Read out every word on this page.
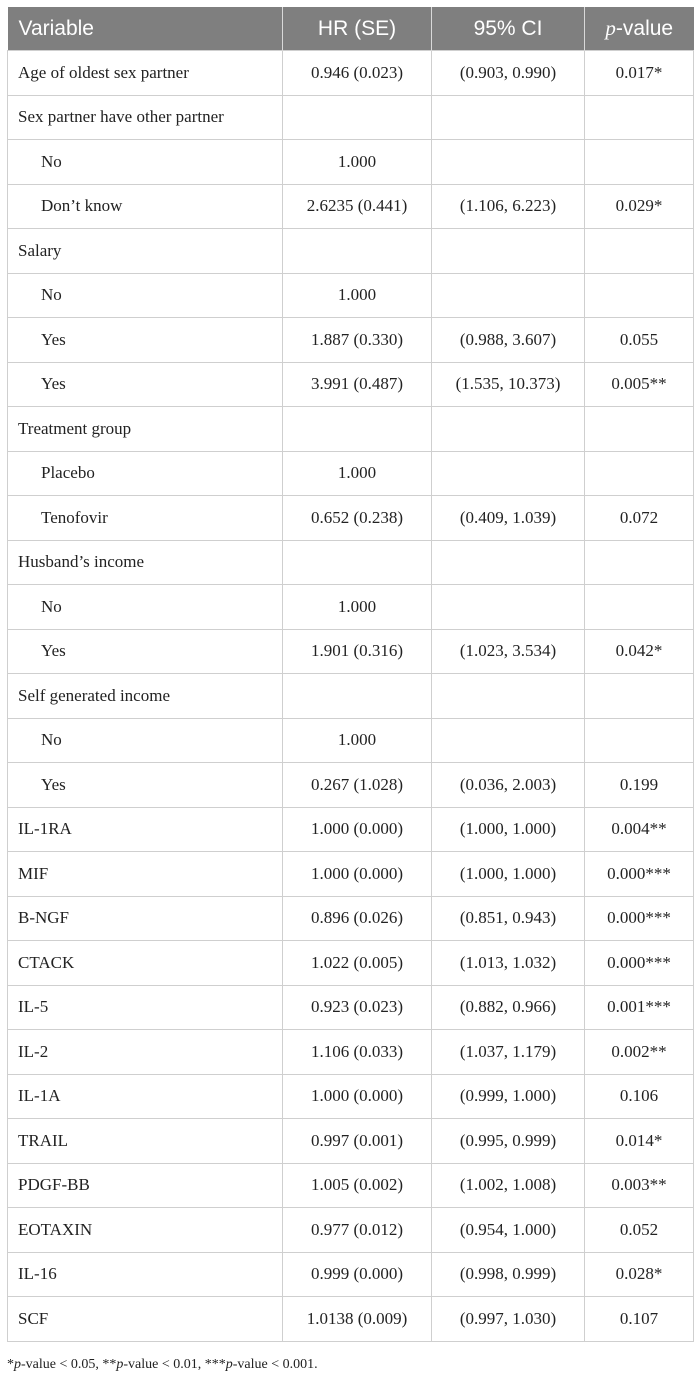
Variable	HR (SE)	95% CI	p-value
Age of oldest sex partner	0.946 (0.023)	(0.903, 0.990)	0.017*
Sex partner have other partner			
No	1.000		
Don’t know	2.6235 (0.441)	(1.106, 6.223)	0.029*
Salary			
No	1.000		
Yes	1.887 (0.330)	(0.988, 3.607)	0.055
Yes	3.991 (0.487)	(1.535, 10.373)	0.005**
Treatment group			
Placebo	1.000		
Tenofovir	0.652 (0.238)	(0.409, 1.039)	0.072
Husband’s income			
No	1.000		
Yes	1.901 (0.316)	(1.023, 3.534)	0.042*
Self generated income			
No	1.000		
Yes	0.267 (1.028)	(0.036, 2.003)	0.199
IL-1RA	1.000 (0.000)	(1.000, 1.000)	0.004**
MIF	1.000 (0.000)	(1.000, 1.000)	0.000***
B-NGF	0.896 (0.026)	(0.851, 0.943)	0.000***
CTACK	1.022 (0.005)	(1.013, 1.032)	0.000***
IL-5	0.923 (0.023)	(0.882, 0.966)	0.001***
IL-2	1.106 (0.033)	(1.037, 1.179)	0.002**
IL-1A	1.000 (0.000)	(0.999, 1.000)	0.106
TRAIL	0.997 (0.001)	(0.995, 0.999)	0.014*
PDGF-BB	1.005 (0.002)	(1.002, 1.008)	0.003**
EOTAXIN	0.977 (0.012)	(0.954, 1.000)	0.052
IL-16	0.999 (0.000)	(0.998, 0.999)	0.028*
SCF	1.0138 (0.009)	(0.997, 1.030)	0.107
*p-value < 0.05, **p-value < 0.01, ***p-value < 0.001.
